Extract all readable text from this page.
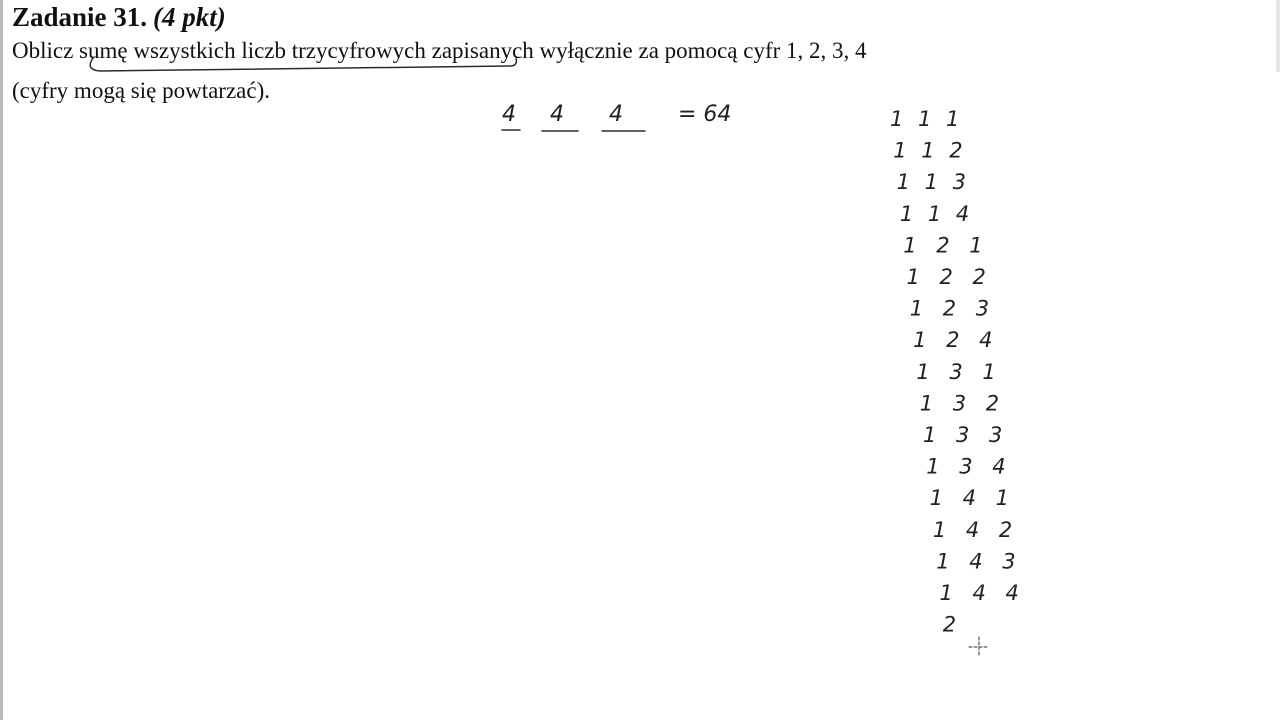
Zadanie 31. (4 pkt)
Oblicz sumę wszystkich liczb trzycyfrowych zapisanych wyłącznie za pomocą cyfr 1, 2, 3, 4
(cyfry mogą się powtarzać).
4 4 4	= 64	1 1 1
1 1 2
1 1 3
1 1 4
1 2 1
1 2 2
1 2 3
1 2 4
1 3 1
1 3 2
1 3 3
1 3 4
1 4 1
1 4 2
1 4 3
1 4 4
2
